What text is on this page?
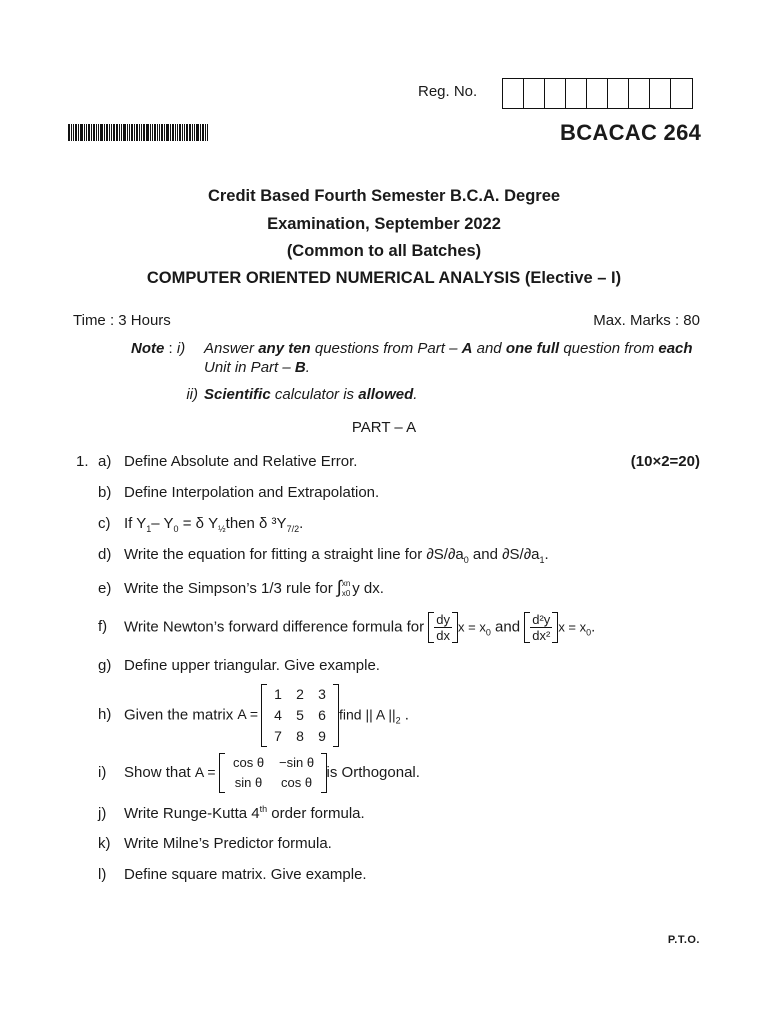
Reg. No.
BCACAC 264
Credit Based Fourth Semester B.C.A. Degree
Examination, September 2022
(Common to all Batches)
COMPUTER ORIENTED NUMERICAL ANALYSIS (Elective – I)
Time : 3 Hours	Max. Marks : 80
Note : i)	Answer any ten questions from Part – A and one full question from each Unit in Part – B.
ii) Scientific calculator is allowed.
PART – A
1. a) Define Absolute and Relative Error.	(10×2=20)
b) Define Interpolation and Extrapolation.
c) If $Y_1-$ $Y_0 = \delta$ $Y_{\frac{1}{2}}then$ δ $^3Y_{7/2}$.
d) Write the equation for fitting a straight line for $\partial S/\partial a_0$ and $\partial S/\partial a_1$.
e) Write the Simpson’s 1/3 rule for ∫ xn
x0 y dx.
f) Write Newton’s forward difference formula for $\frac{dy}{dx}$ $x = x_0$ and $\frac{\text{d²y}}{\text{dx²}}$ $x = x_0$.
g) Define upper triangular. Give example.
h) Given the matrix A =
1	2	3
4	5	6
7	8	9
find || A $||_2$ .
i) Show that A =
cos θ	−sin θ
sin θ	cos θ
is Orthogonal.
j) Write Runge-Kutta 4th order formula.
k) Write Milne’s Predictor formula.
l) Define square matrix. Give example.
P.T.O.
